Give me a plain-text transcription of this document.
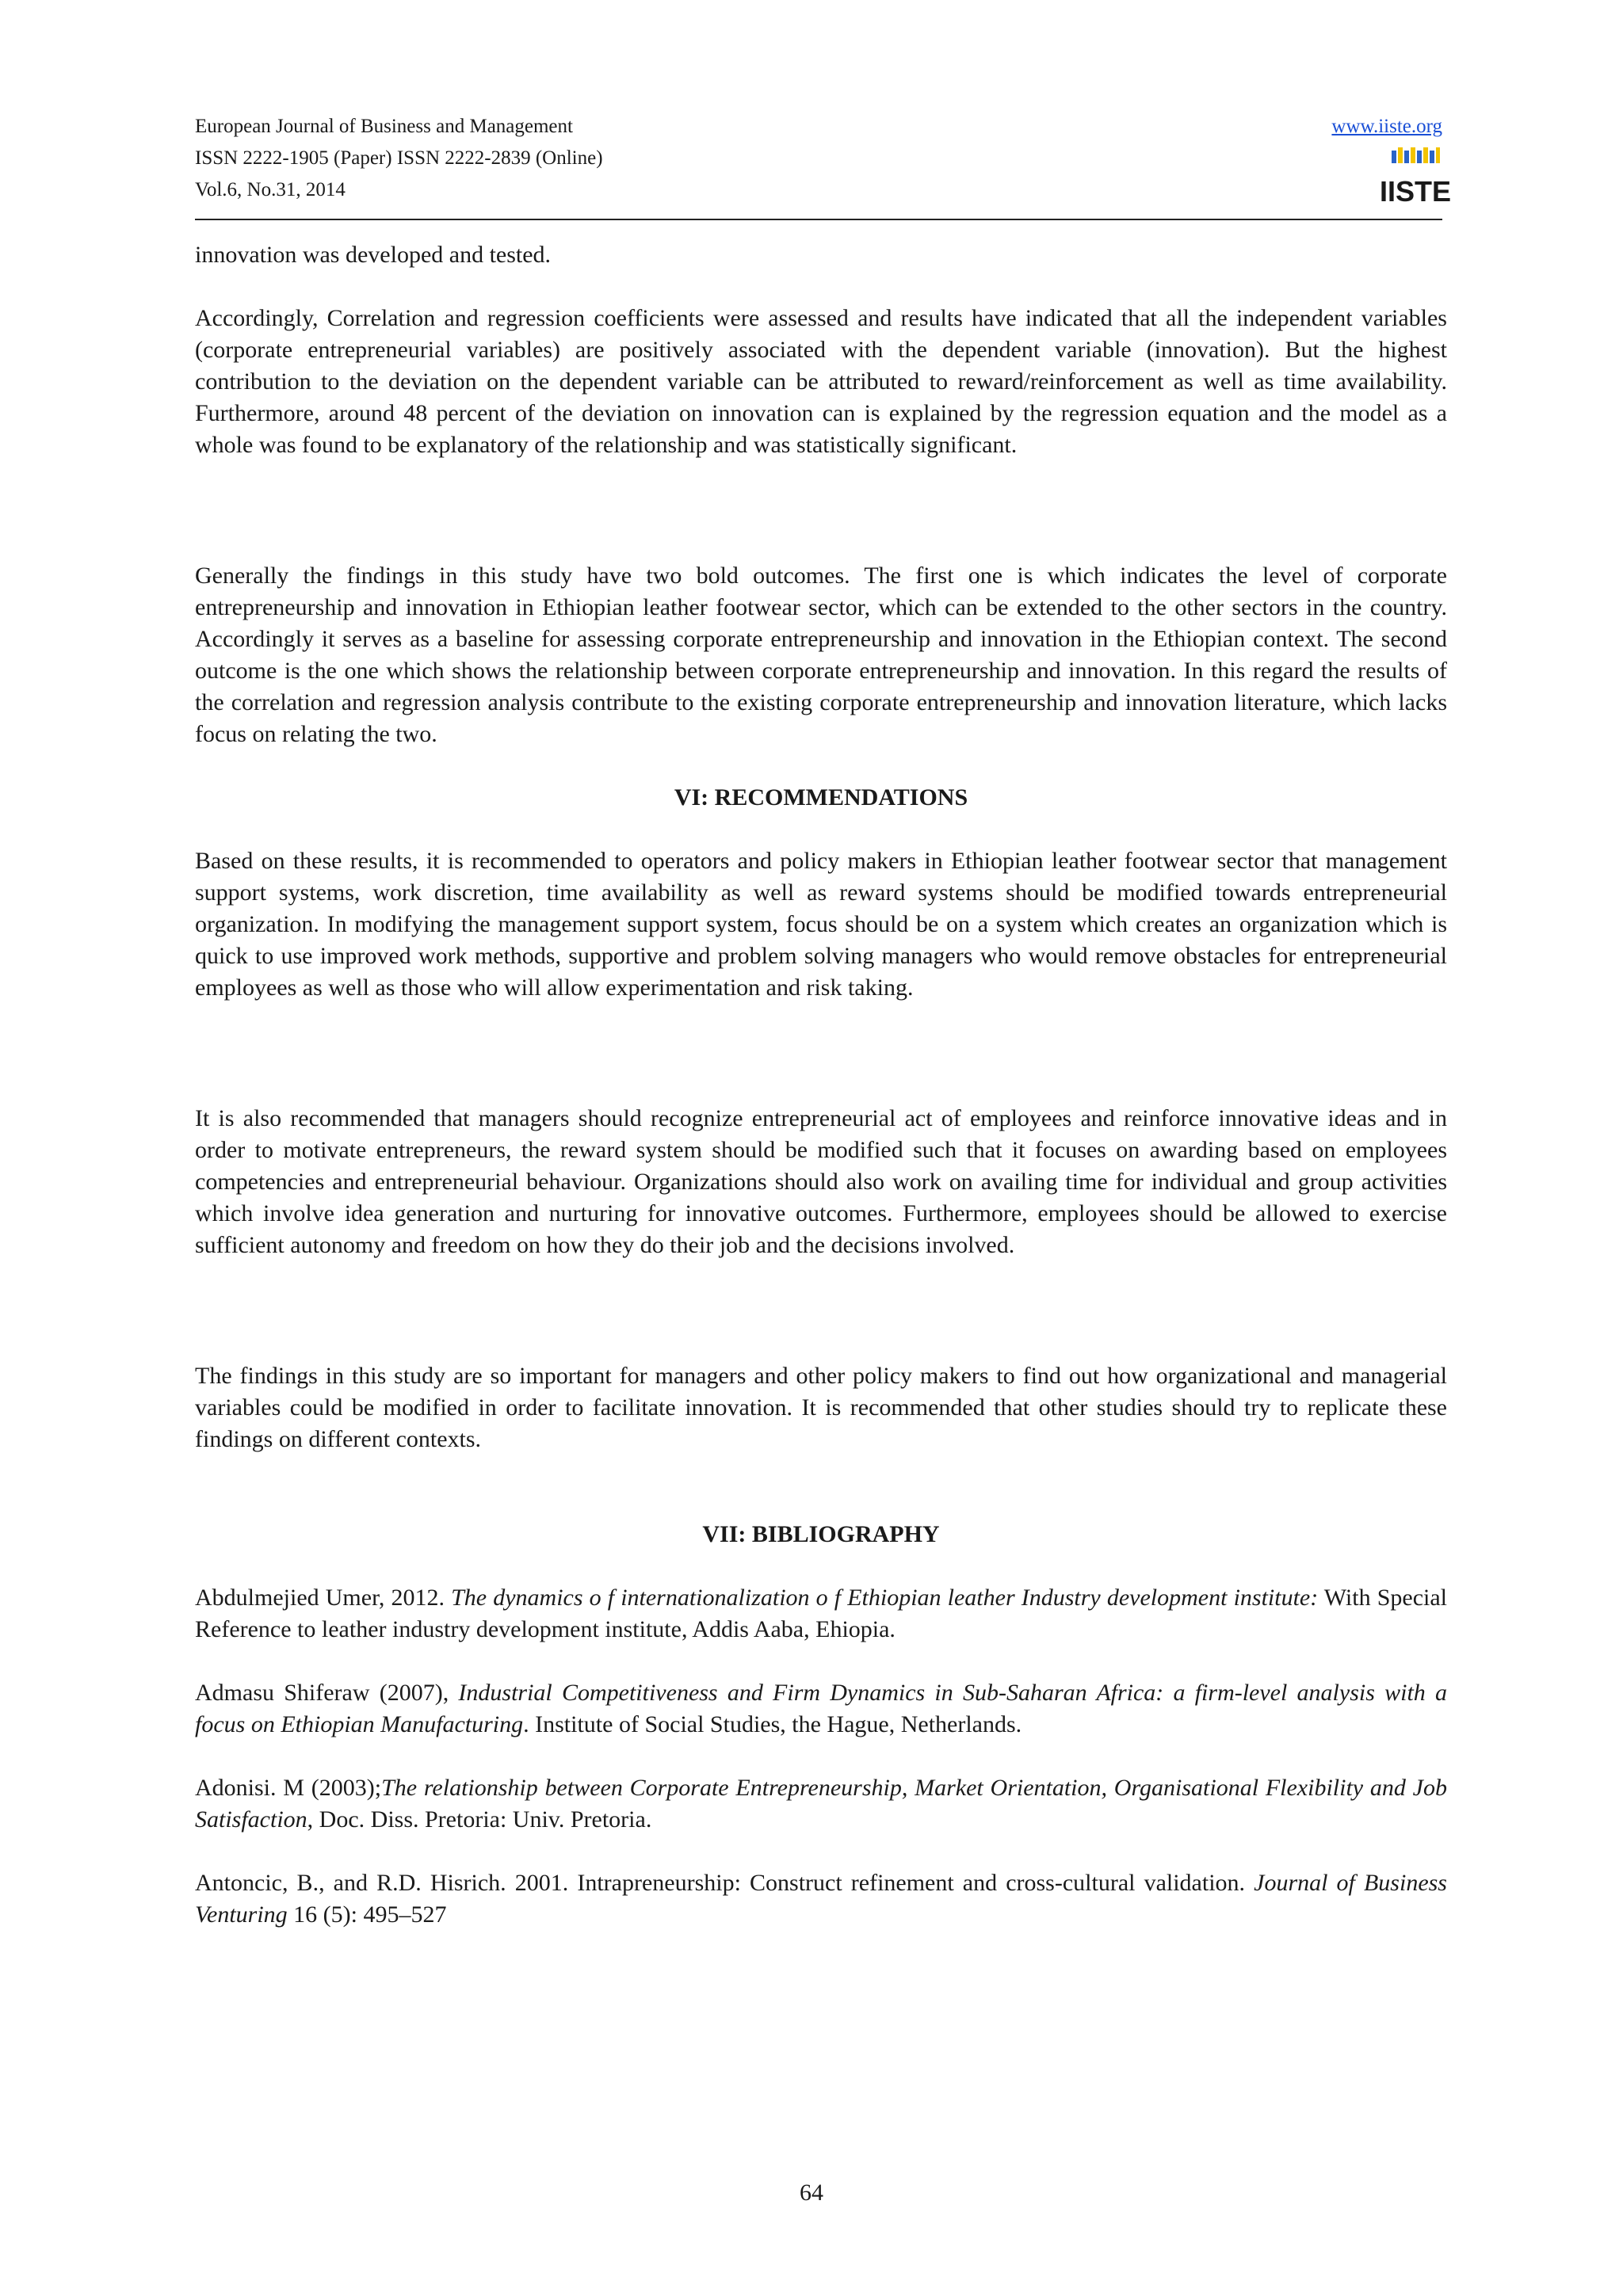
European Journal of Business and Management
ISSN 2222-1905 (Paper) ISSN 2222-2839 (Online)
Vol.6, No.31, 2014
www.iiste.org
IISTE

innovation was developed and tested.

Accordingly, Correlation and regression coefficients were assessed and results have indicated that all the independent variables (corporate entrepreneurial variables) are positively associated with the dependent variable (innovation). But the highest contribution to the deviation on the dependent variable can be attributed to reward/reinforcement as well as time availability. Furthermore, around 48 percent of the deviation on innovation can is explained by the regression equation and the model as a whole was found to be explanatory of the relationship and was statistically significant.

Generally the findings in this study have two bold outcomes. The first one is which indicates the level of corporate entrepreneurship and innovation in Ethiopian leather footwear sector, which can be extended to the other sectors in the country. Accordingly it serves as a baseline for assessing corporate entrepreneurship and innovation in the Ethiopian context. The second outcome is the one which shows the relationship between corporate entrepreneurship and innovation. In this regard the results of the correlation and regression analysis contribute to the existing corporate entrepreneurship and innovation literature, which lacks focus on relating the two.

VI: RECOMMENDATIONS

Based on these results, it is recommended to operators and policy makers in Ethiopian leather footwear sector that management support systems, work discretion, time availability as well as reward systems should be modified towards entrepreneurial organization. In modifying the management support system, focus should be on a system which creates an organization which is quick to use improved work methods, supportive and problem solving managers who would remove obstacles for entrepreneurial employees as well as those who will allow experimentation and risk taking.

It is also recommended that managers should recognize entrepreneurial act of employees and reinforce innovative ideas and in order to motivate entrepreneurs, the reward system should be modified such that it focuses on awarding based on employees competencies and entrepreneurial behaviour. Organizations should also work on availing time for individual and group activities which involve idea generation and nurturing for innovative outcomes. Furthermore, employees should be allowed to exercise sufficient autonomy and freedom on how they do their job and the decisions involved.

The findings in this study are so important for managers and other policy makers to find out how organizational and managerial variables could be modified in order to facilitate innovation. It is recommended that other studies should try to replicate these findings on different contexts.

VII: BIBLIOGRAPHY

Abdulmejied Umer, 2012. The dynamics o f internationalization o f Ethiopian leather Industry development institute: With Special Reference to leather industry development institute, Addis Aaba, Ehiopia.

Admasu Shiferaw (2007), Industrial Competitiveness and Firm Dynamics in Sub-Saharan Africa: a firm-level analysis with a focus on Ethiopian Manufacturing. Institute of Social Studies, the Hague, Netherlands.

Adonisi. M (2003);The relationship between Corporate Entrepreneurship, Market Orientation, Organisational Flexibility and Job Satisfaction, Doc. Diss. Pretoria: Univ. Pretoria.

Antoncic, B., and R.D. Hisrich. 2001. Intrapreneurship: Construct refinement and cross-cultural validation. Journal of Business Venturing 16 (5): 495–527

64
